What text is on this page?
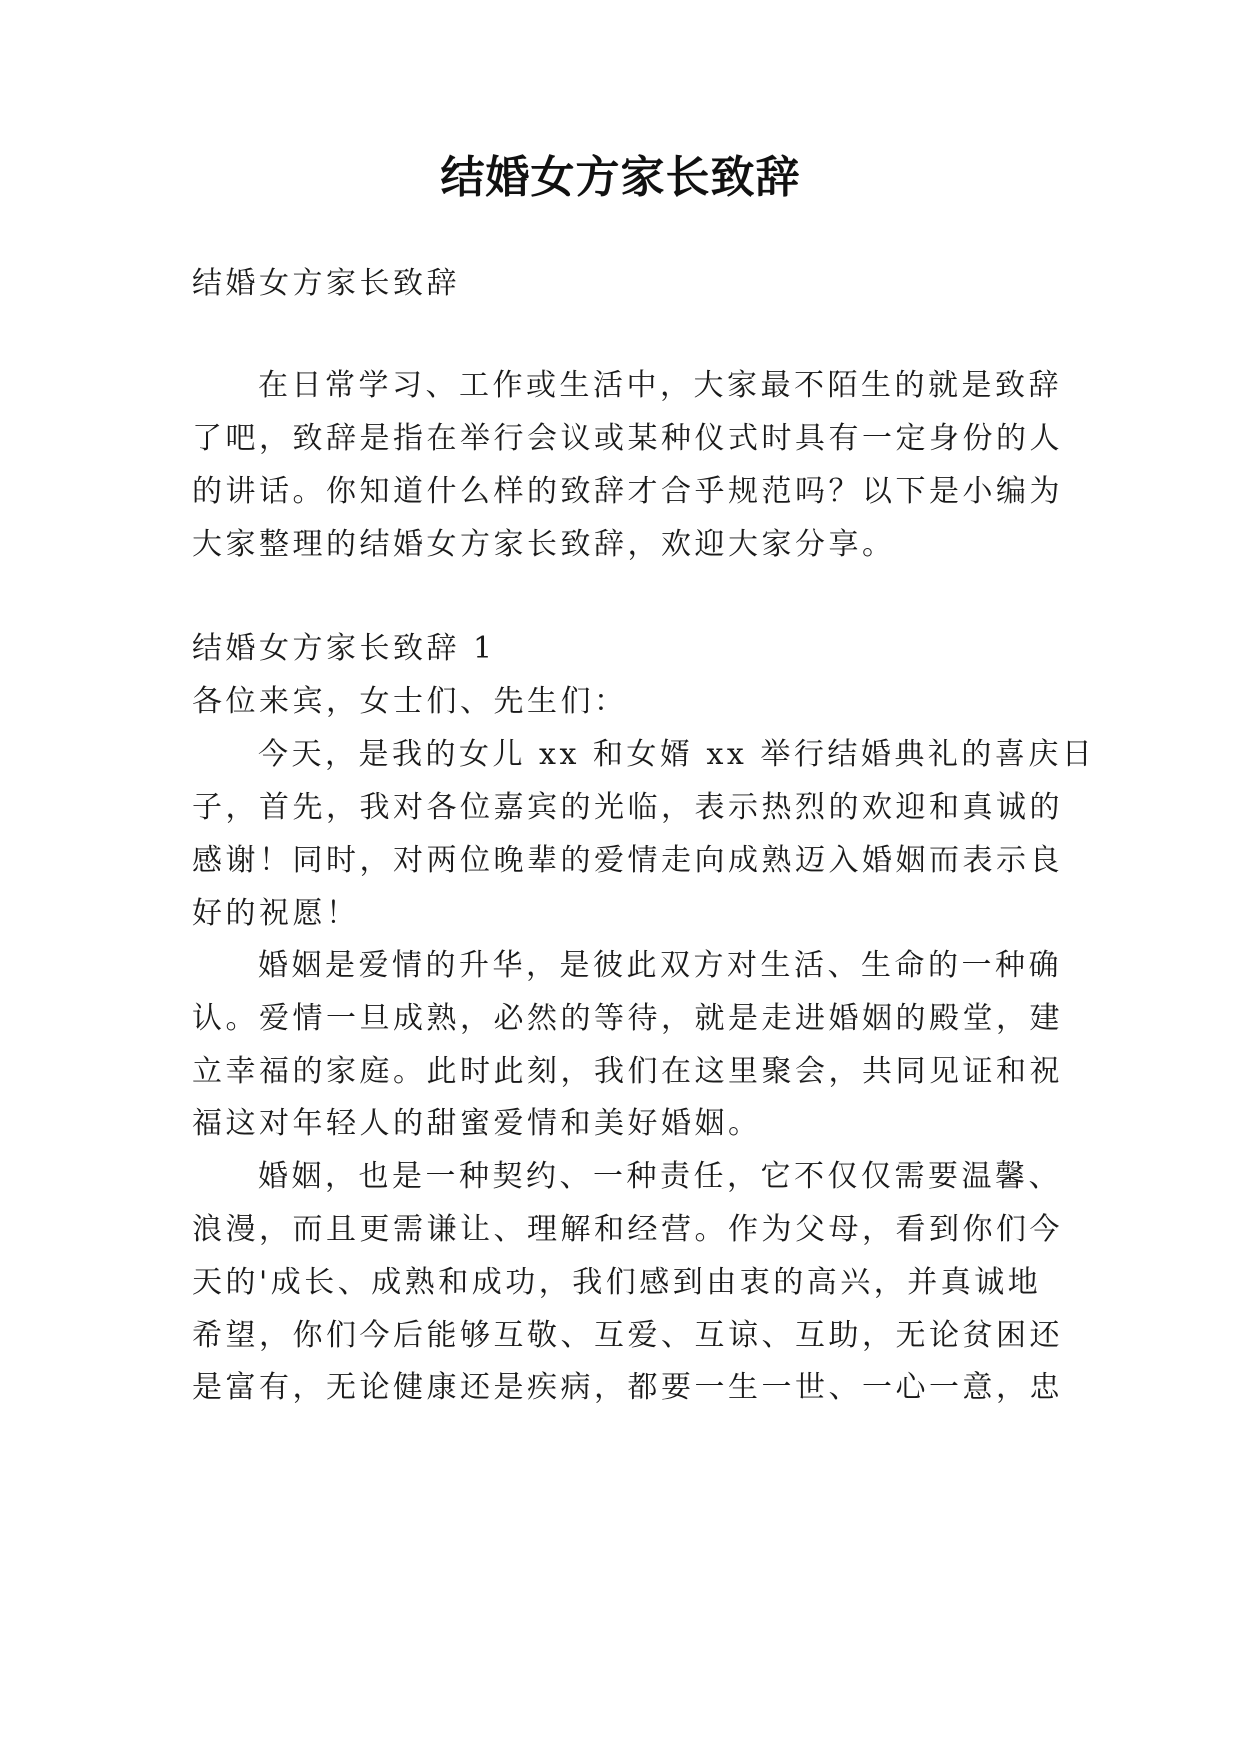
结婚女方家长致辞
结婚女方家长致辞
在日常学习、工作或生活中，大家最不陌生的就是致辞
了吧，致辞是指在举行会议或某种仪式时具有一定身份的人
的讲话。你知道什么样的致辞才合乎规范吗？以下是小编为
大家整理的结婚女方家长致辞，欢迎大家分享。
结婚女方家长致辞 1
各位来宾，女士们、先生们：
今天，是我的女儿 xx 和女婿 xx 举行结婚典礼的喜庆日
子，首先，我对各位嘉宾的光临，表示热烈的欢迎和真诚的
感谢！同时，对两位晚辈的爱情走向成熟迈入婚姻而表示良
好的祝愿！
婚姻是爱情的升华，是彼此双方对生活、生命的一种确
认。爱情一旦成熟，必然的等待，就是走进婚姻的殿堂，建
立幸福的家庭。此时此刻，我们在这里聚会，共同见证和祝
福这对年轻人的甜蜜爱情和美好婚姻。
婚姻，也是一种契约、一种责任，它不仅仅需要温馨、
浪漫，而且更需谦让、理解和经营。作为父母，看到你们今
天的'成长、成熟和成功，我们感到由衷的高兴，并真诚地
希望，你们今后能够互敬、互爱、互谅、互助，无论贫困还
是富有，无论健康还是疾病，都要一生一世、一心一意，忠
